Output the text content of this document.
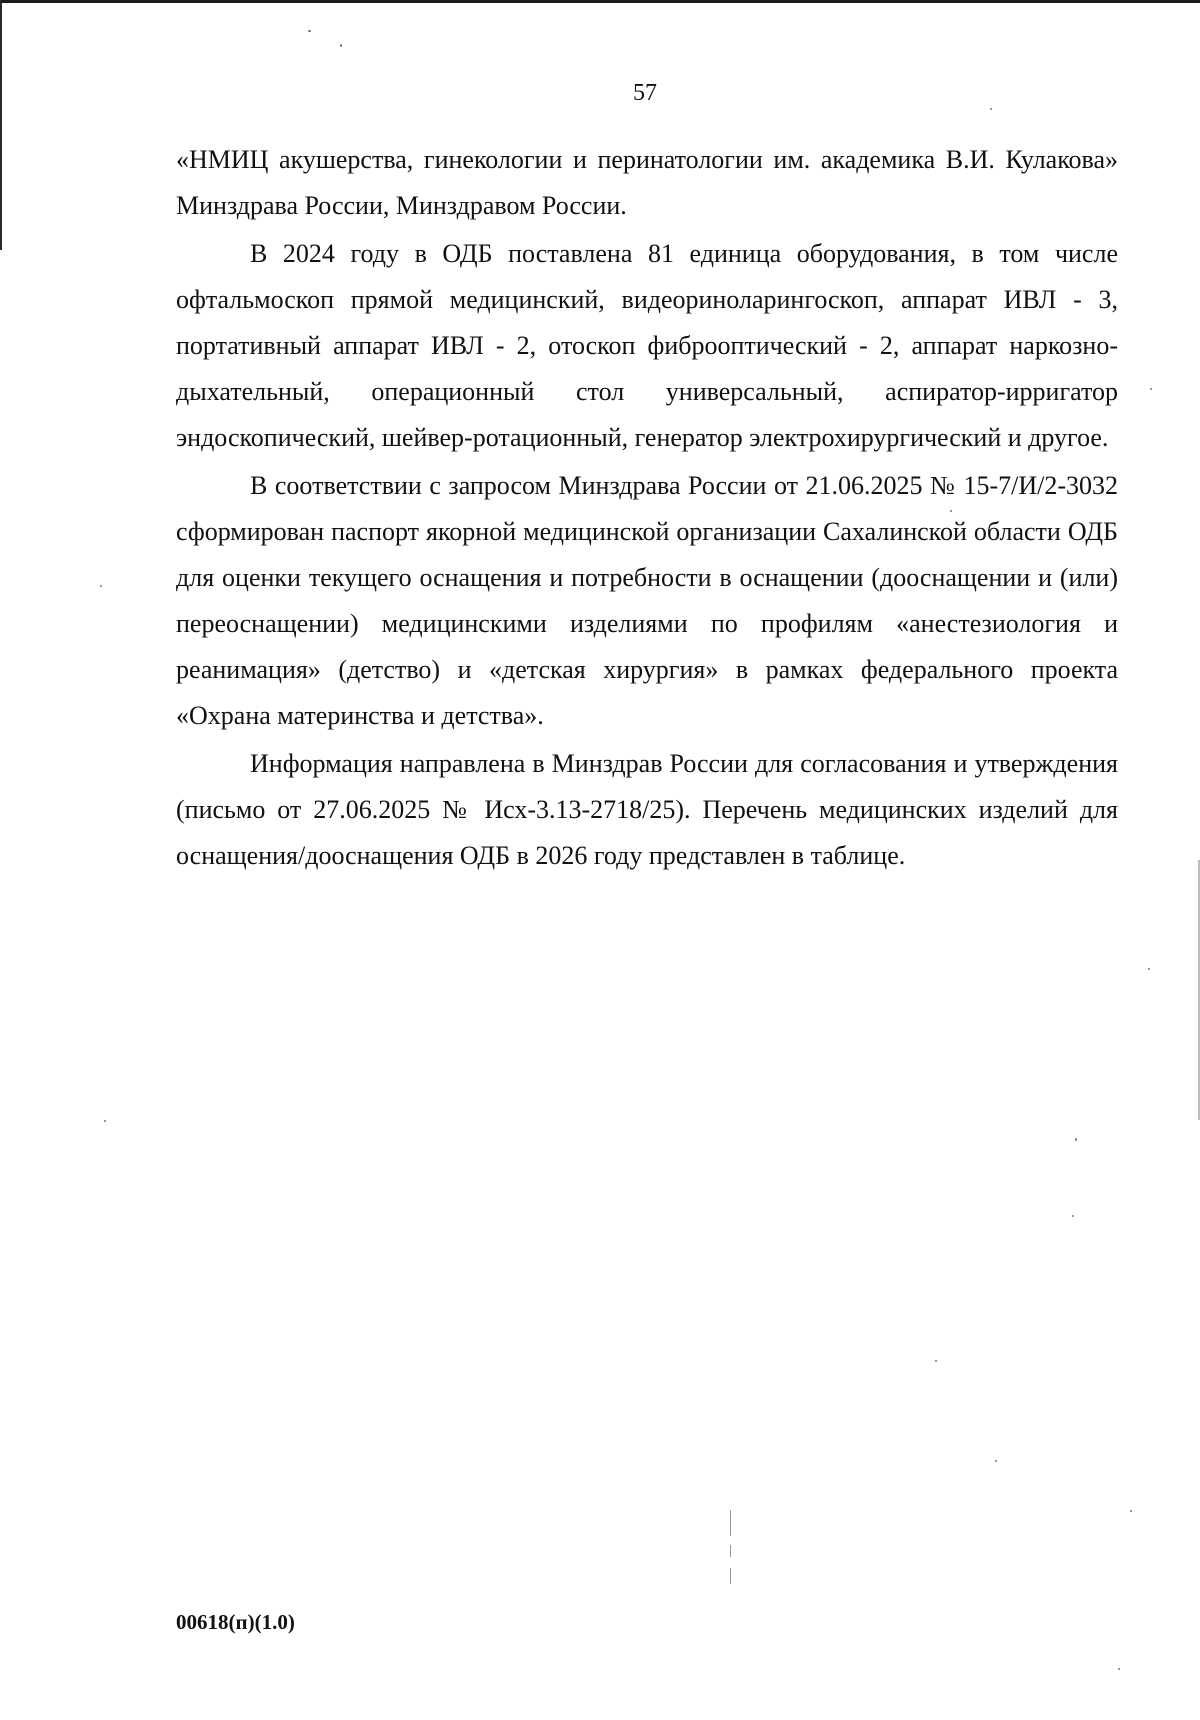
57

«НМИЦ акушерства, гинекологии и перинатологии им. академика В.И. Кулакова» Минздрава России, Минздравом России.

В 2024 году в ОДБ поставлена 81 единица оборудования, в том числе офтальмоскоп прямой медицинский, видеориноларингоскоп, аппарат ИВЛ - 3, портативный аппарат ИВЛ - 2, отоскоп фиброоптический - 2, аппарат наркозно-дыхательный, операционный стол универсальный, аспиратор-ирригатор эндоскопический, шейвер-ротационный, генератор электрохирургический и другое.

В соответствии с запросом Минздрава России от 21.06.2025 № 15-7/И/2-3032 сформирован паспорт якорной медицинской организации Сахалинской области ОДБ для оценки текущего оснащения и потребности в оснащении (дооснащении и (или) переоснащении) медицинскими изделиями по профилям «анестезиология и реанимация» (детство) и «детская хирургия» в рамках федерального проекта «Охрана материнства и детства».

Информация направлена в Минздрав России для согласования и утверждения (письмо от 27.06.2025 № Исх-3.13-2718/25). Перечень медицинских изделий для оснащения/дооснащения ОДБ в 2026 году представлен в таблице.

00618(п)(1.0)
